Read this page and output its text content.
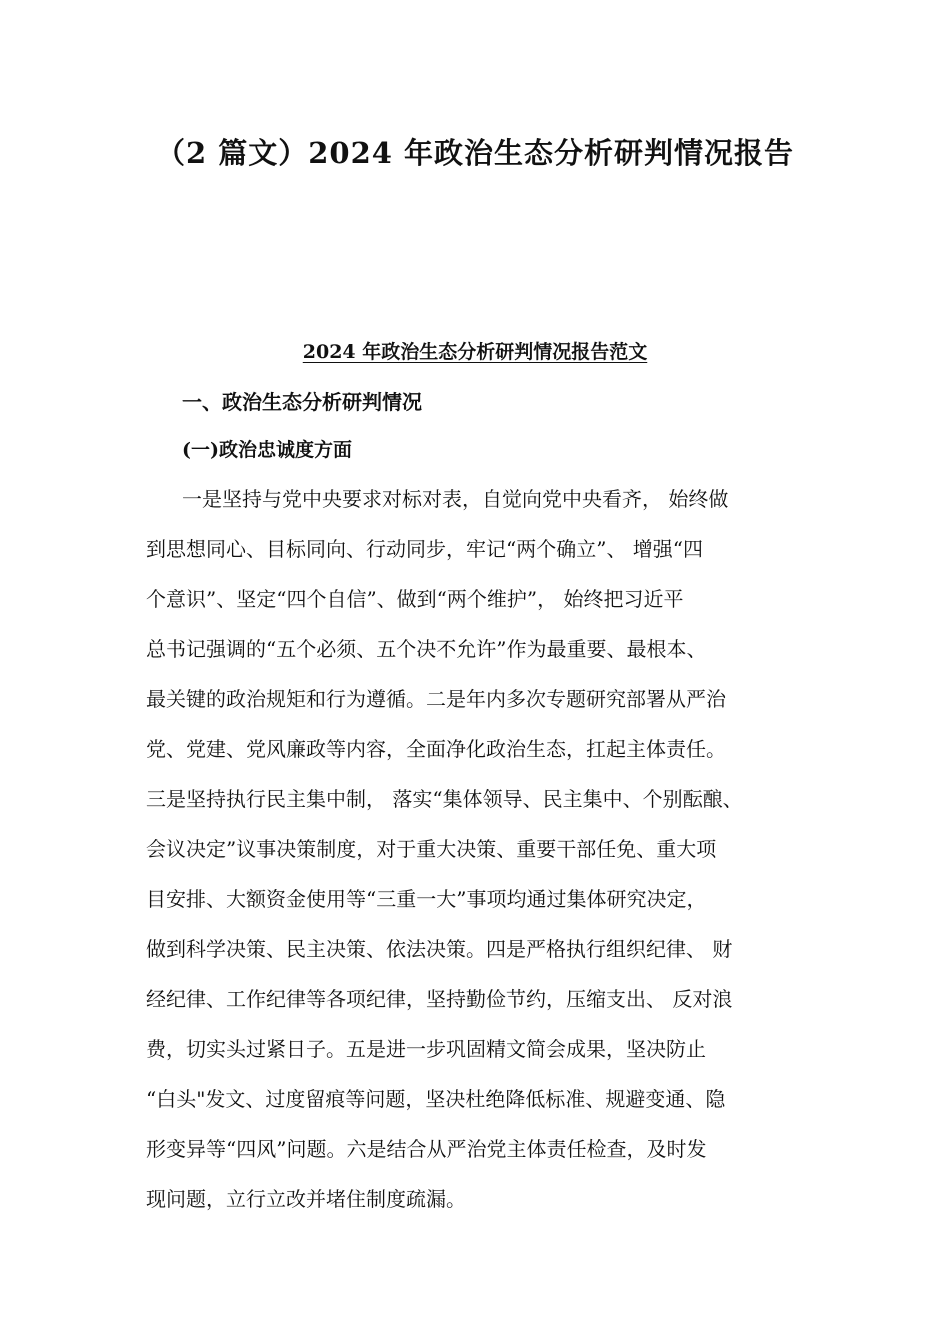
（2 篇文）2024 年政治生态分析研判情况报告
2024 年政治生态分析研判情况报告范文
一、政治生态分析研判情况
(一)政治忠诚度方面
一是坚持与党中央要求对标对表，自觉向党中央看齐， 始终做
到思想同心、目标同向、行动同步，牢记“两个确立”、 增强“四
个意识”、坚定“四个自信”、做到“两个维护”， 始终把习近平
总书记强调的“五个必须、五个决不允许”作为最重要、最根本、
最关键的政治规矩和行为遵循。二是年内多次专题研究部署从严治
党、党建、党风廉政等内容，全面净化政治生态，扛起主体责任。
三是坚持执行民主集中制， 落实“集体领导、民主集中、个别酝酿、
会议决定”议事决策制度，对于重大决策、重要干部任免、重大项
目安排、大额资金使用等“三重一大”事项均通过集体研究决定，
做到科学决策、民主决策、依法决策。四是严格执行组织纪律、 财
经纪律、工作纪律等各项纪律，坚持勤俭节约，压缩支出、 反对浪
费，切实头过紧日子。五是进一步巩固精文简会成果，坚决防止
“白头"发文、过度留痕等问题，坚决杜绝降低标准、规避变通、隐
形变异等“四风”问题。六是结合从严治党主体责任检查，及时发
现问题，立行立改并堵住制度疏漏。
